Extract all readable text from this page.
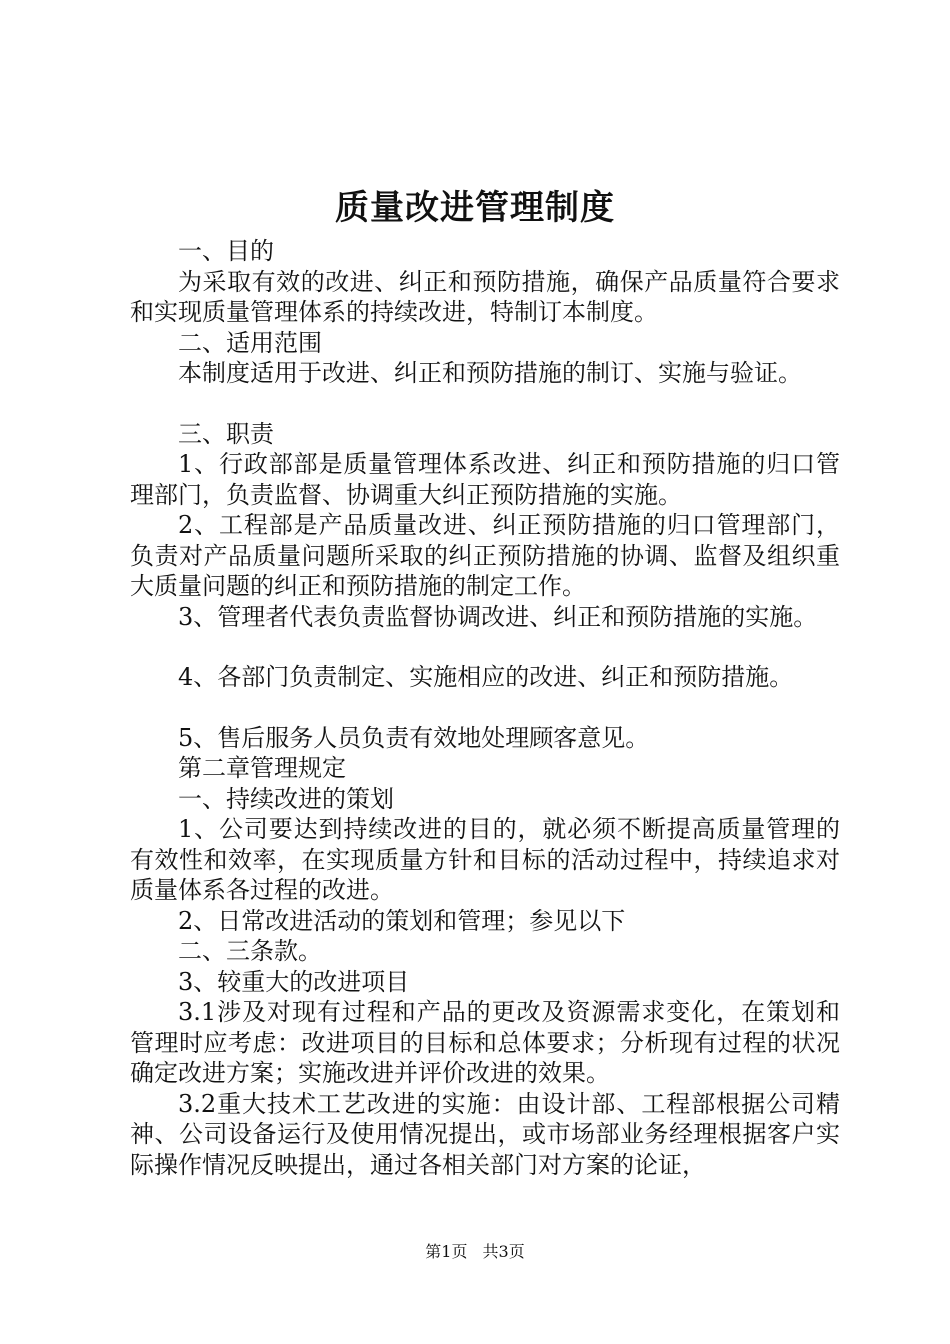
质量改进管理制度

一、目的

为采取有效的改进、纠正和预防措施，确保产品质量符合要求和实现质量管理体系的持续改进，特制订本制度。

二、适用范围

本制度适用于改进、纠正和预防措施的制订、实施与验证。

三、职责

1、行政部部是质量管理体系改进、纠正和预防措施的归口管理部门，负责监督、协调重大纠正预防措施的实施。

2、工程部是产品质量改进、纠正预防措施的归口管理部门，负责对产品质量问题所采取的纠正预防措施的协调、监督及组织重大质量问题的纠正和预防措施的制定工作。

3、管理者代表负责监督协调改进、纠正和预防措施的实施。

4、各部门负责制定、实施相应的改进、纠正和预防措施。

5、售后服务人员负责有效地处理顾客意见。

第二章管理规定

一、持续改进的策划

1、公司要达到持续改进的目的，就必须不断提高质量管理的有效性和效率，在实现质量方针和目标的活动过程中，持续追求对质量体系各过程的改进。

2、日常改进活动的策划和管理；参见以下

二、三条款。

3、较重大的改进项目

3.1涉及对现有过程和产品的更改及资源需求变化，在策划和管理时应考虑：改进项目的目标和总体要求；分析现有过程的状况确定改进方案；实施改进并评价改进的效果。

3.2重大技术工艺改进的实施：由设计部、工程部根据公司精神、公司设备运行及使用情况提出，或市场部业务经理根据客户实际操作情况反映提出，通过各相关部门对方案的论证，

第1页 共3页
